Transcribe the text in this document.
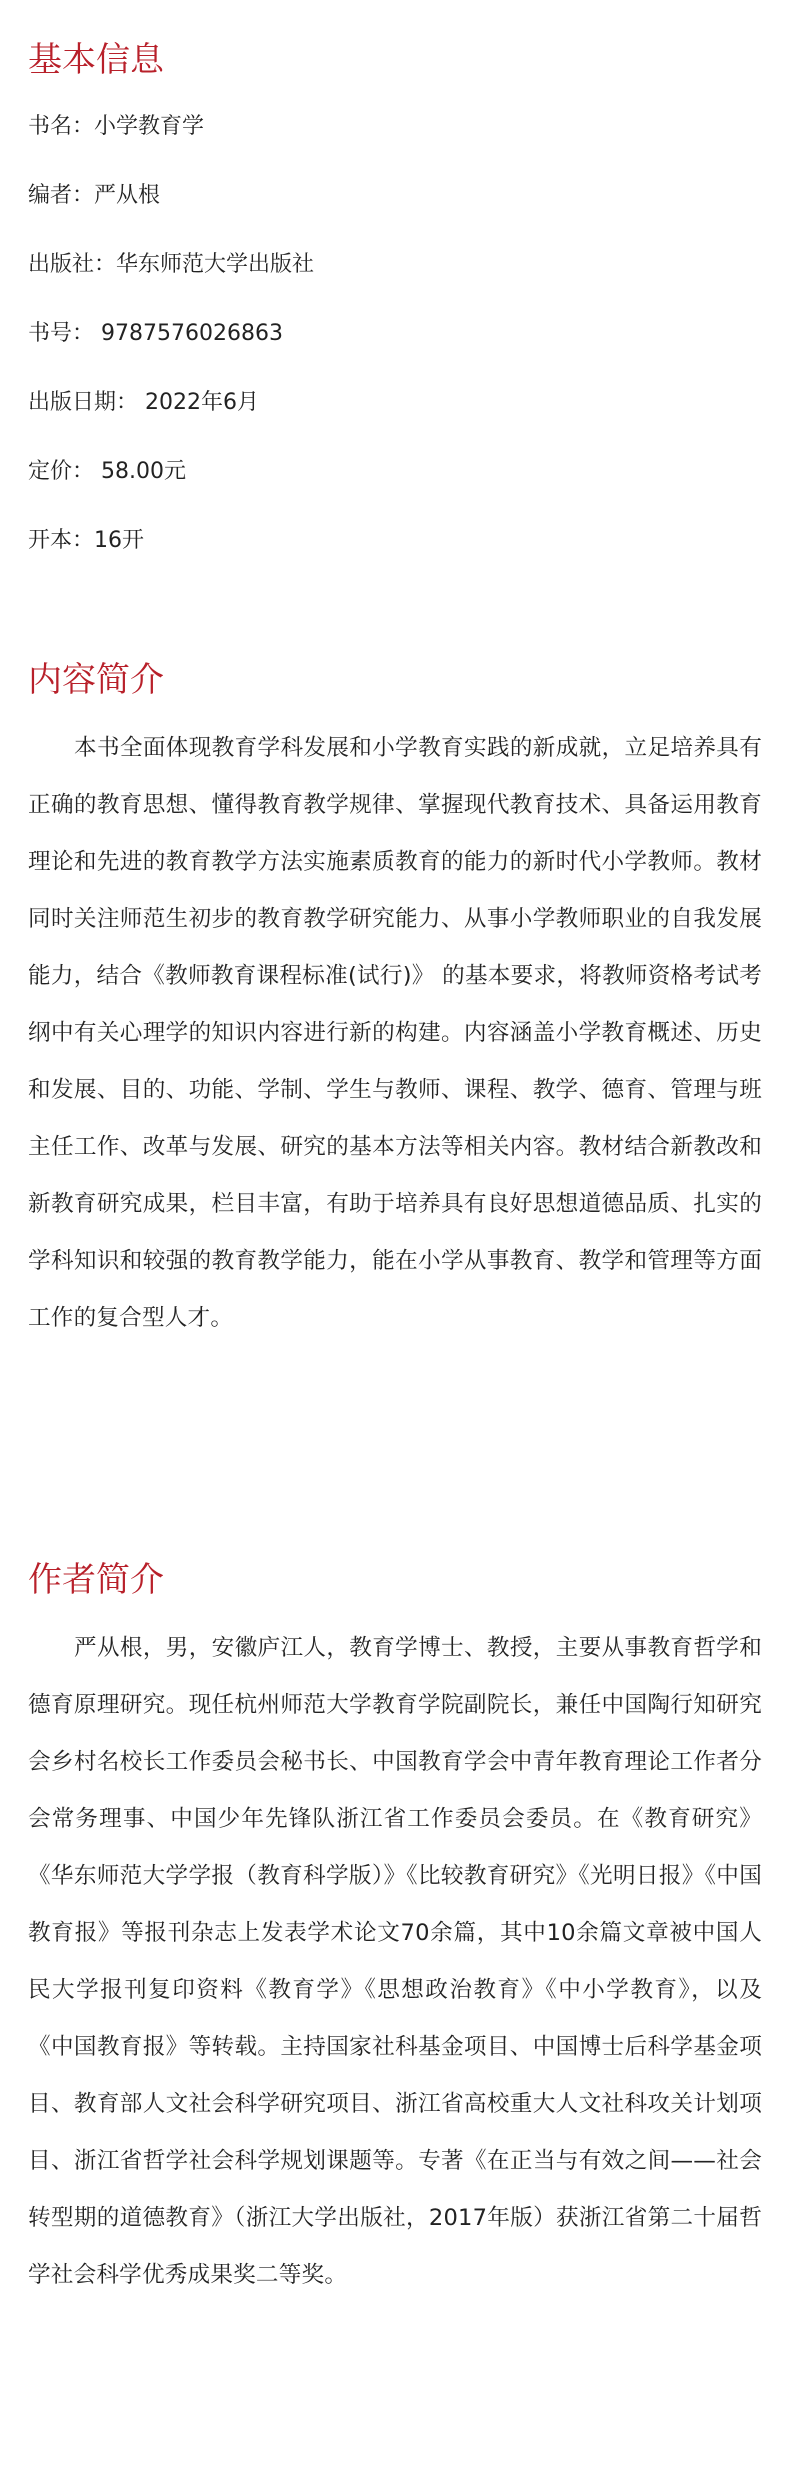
基本信息
书名：小学教育学
编者：严从根
出版社：华东师范大学出版社
书号： 9787576026863
出版日期： 2022年6月
定价： 58.00元
开本：16开
内容简介

本书全面体现教育学科发展和小学教育实践的新成就，立足培养具有正确的教育思想、懂得教育教学规律、掌握现代教育技术、具备运用教育理论和先进的教育教学方法实施素质教育的能力的新时代小学教师。教材同时关注师范生初步的教育教学研究能力、从事小学教师职业的自我发展能力，结合《教师教育课程标准(试行)》 的基本要求，将教师资格考试考纲中有关心理学的知识内容进行新的构建。内容涵盖小学教育概述、历史和发展、目的、功能、学制、学生与教师、课程、教学、德育、管理与班主任工作、改革与发展、研究的基本方法等相关内容。教材结合新教改和新教育研究成果，栏目丰富，有助于培养具有良好思想道德品质、扎实的学科知识和较强的教育教学能力，能在小学从事教育、教学和管理等方面工作的复合型人才。

作者简介

严从根，男，安徽庐江人，教育学博士、教授，主要从事教育哲学和德育原理研究。现任杭州师范大学教育学院副院长，兼任中国陶行知研究会乡村名校长工作委员会秘书长、中国教育学会中青年教育理论工作者分会常务理事、中国少年先锋队浙江省工作委员会委员。在《教育研究》《华东师范大学学报（教育科学版）》《比较教育研究》《光明日报》《中国教育报》等报刊杂志上发表学术论文70余篇，其中10余篇文章被中国人民大学报刊复印资料《教育学》《思想政治教育》《中小学教育》，以及《中国教育报》等转载。主持国家社科基金项目、中国博士后科学基金项目、教育部人文社会科学研究项目、浙江省高校重大人文社科攻关计划项目、浙江省哲学社会科学规划课题等。专著《在正当与有效之间——社会转型期的道德教育》（浙江大学出版社，2017年版）获浙江省第二十届哲学社会科学优秀成果奖二等奖。
